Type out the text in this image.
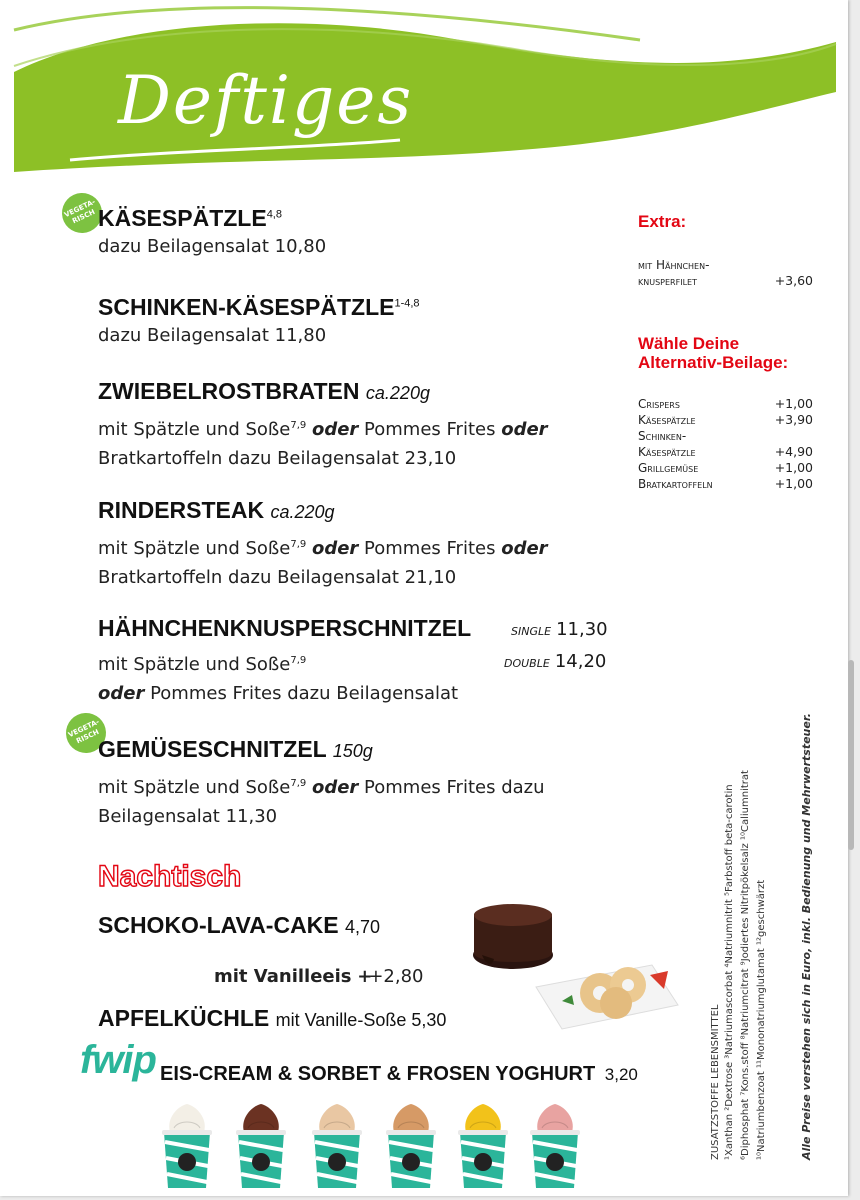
Deftiges
VEGETA-RISCH KÄSESPÄTZLE$^{4,8}$
dazu Beilagensalat 10,80
SCHINKEN-KÄSESPÄTZLE$^{1-4,8}$
dazu Beilagensalat 11,80
ZWIEBELROSTBRATEN ca.220g
mit Spätzle und Soße$^{7,9}$ oder Pommes Frites oder
Bratkartoffeln dazu Beilagensalat 23,10
RINDERSTEAK ca.220g
mit Spätzle und Soße$^{7,9}$ oder Pommes Frites oder
Bratkartoffeln dazu Beilagensalat 21,10
HÄHNCHENKNUSPERSCHNITZEL
mit Spätzle und Soße$^{7,9}$
oder Pommes Frites dazu Beilagensalat
SINGLE 11,30
DOUBLE 14,20
VEGETA-RISCH
GEMÜSESCHNITZEL 150g
mit Spätzle und Soße$^{7,9}$ oder Pommes Frites dazu
Beilagensalat 11,30
Extra:
mit Hähnchen-
knusperfilet	+3,60
Wähle Deine
Alternativ-Beilage:
Crispers	+1,00
Käsespätzle	+3,90
Schinken-
Käsespätzle	+4,90
Grillgemüse	+1,00
Bratkartoffeln	+1,00
Nachtisch
SCHOKO-LAVA-CAKE 4,70
mit Vanilleeis ++2,80
APFELKÜCHLE mit Vanille-Soße 5,30
fwip EIS-CREAM & SORBET & FROSEN YOGHURT 3,20	ZUSATZSTOFFE LEBENSMITTEL ¹Xanthan ²Dextrose ³Natriumascorbat ⁴Natriumnitrit ⁵Farbstoff beta-carotin ⁶Diphosphat ⁷Kons.stoff ⁸Natriumcitrat ⁹Jodiertes Nitritpökelsalz ¹⁰Caliumnitrat ¹⁰Natriumbenzoat ¹¹Mononatriumglutamat ¹²geschwärzt	Alle Preise verstehen sich in Euro, inkl. Bedienung und Mehrwertsteuer.
